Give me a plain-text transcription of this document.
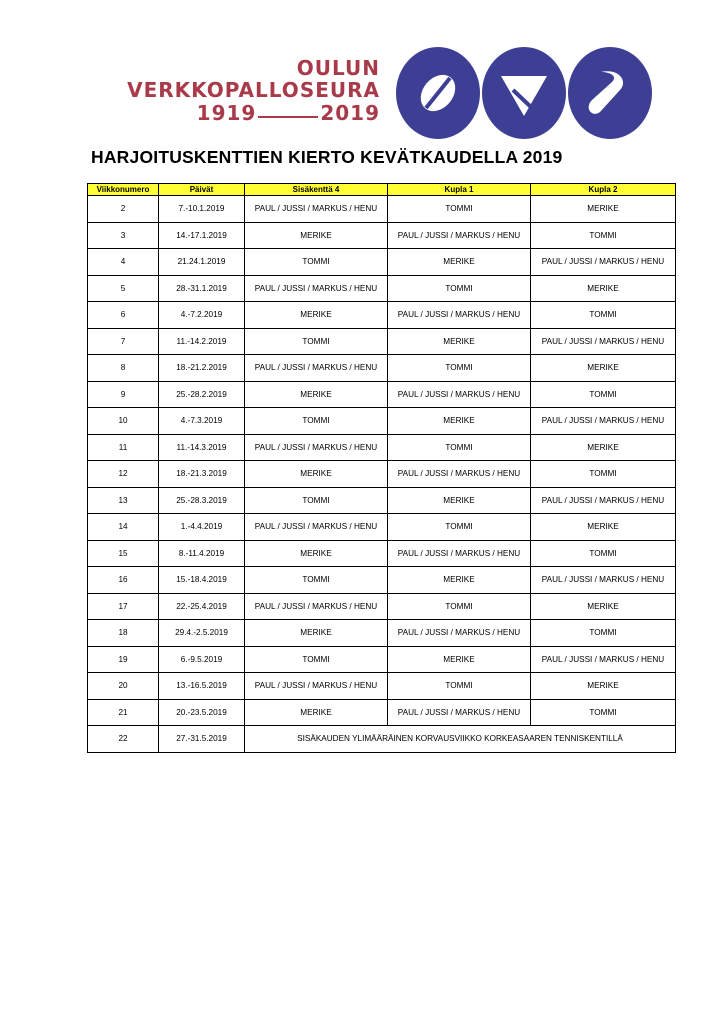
OULUN
VERKKOPALLOSEURA
1919	2019
HARJOITUSKENTTIEN KIERTO KEVÄTKAUDELLA 2019
Viikkonumero	Päivät	Sisäkenttä 4	Kupla 1	Kupla 2
2	7.-10.1.2019	PAUL / JUSSI / MARKUS / HENU	TOMMI	MERIKE
3	14.-17.1.2019	MERIKE	PAUL / JUSSI / MARKUS / HENU	TOMMI
4	21.24.1.2019	TOMMI	MERIKE	PAUL / JUSSI / MARKUS / HENU
5	28.-31.1.2019	PAUL / JUSSI / MARKUS / HENU	TOMMI	MERIKE
6	4.-7.2.2019	MERIKE	PAUL / JUSSI / MARKUS / HENU	TOMMI
7	11.-14.2.2019	TOMMI	MERIKE	PAUL / JUSSI / MARKUS / HENU
8	18.-21.2.2019	PAUL / JUSSI / MARKUS / HENU	TOMMI	MERIKE
9	25.-28.2.2019	MERIKE	PAUL / JUSSI / MARKUS / HENU	TOMMI
10	4.-7.3.2019	TOMMI	MERIKE	PAUL / JUSSI / MARKUS / HENU
11	11.-14.3.2019	PAUL / JUSSI / MARKUS / HENU	TOMMI	MERIKE
12	18.-21.3.2019	MERIKE	PAUL / JUSSI / MARKUS / HENU	TOMMI
13	25.-28.3.2019	TOMMI	MERIKE	PAUL / JUSSI / MARKUS / HENU
14	1.-4.4.2019	PAUL / JUSSI / MARKUS / HENU	TOMMI	MERIKE
15	8.-11.4.2019	MERIKE	PAUL / JUSSI / MARKUS / HENU	TOMMI
16	15.-18.4.2019	TOMMI	MERIKE	PAUL / JUSSI / MARKUS / HENU
17	22.-25.4.2019	PAUL / JUSSI / MARKUS / HENU	TOMMI	MERIKE
18	29.4.-2.5.2019	MERIKE	PAUL / JUSSI / MARKUS / HENU	TOMMI
19	6.-9.5.2019	TOMMI	MERIKE	PAUL / JUSSI / MARKUS / HENU
20	13.-16.5.2019	PAUL / JUSSI / MARKUS / HENU	TOMMI	MERIKE
21	20.-23.5.2019	MERIKE	PAUL / JUSSI / MARKUS / HENU	TOMMI
22	27.-31.5.2019	SISÄKAUDEN YLIMÄÄRÄINEN KORVAUSVIIKKO KORKEASAAREN TENNISKENTILLÄ		
